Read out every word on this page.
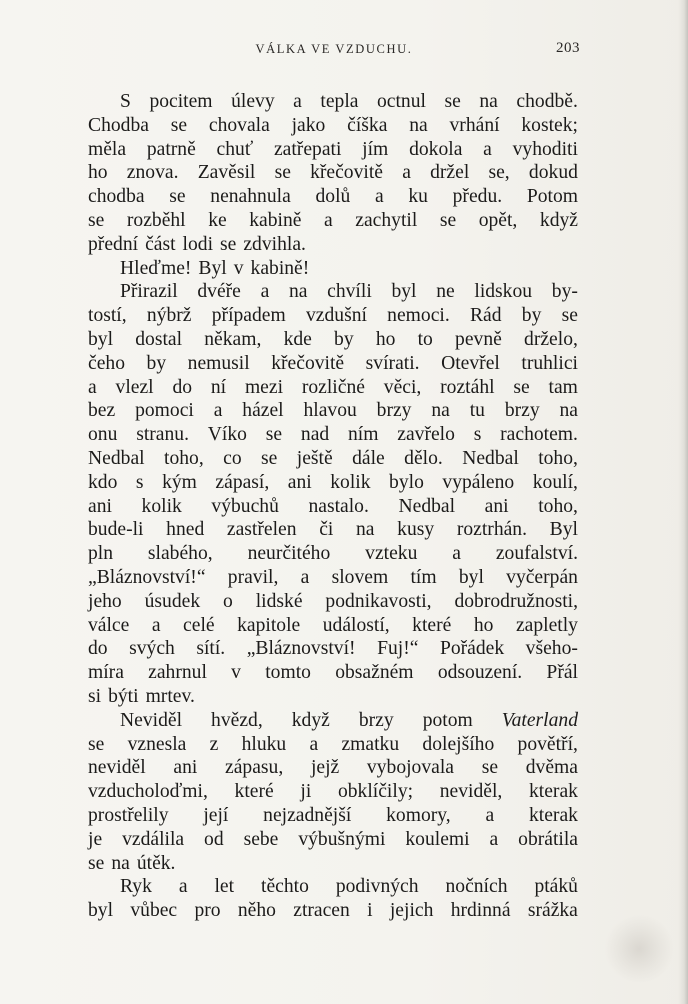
VÁLKA VE VZDUCHU.	203
S pocitem úlevy a tepla octnul se na chodbě.
Chodba se chovala jako číška na vrhání kostek;
měla patrně chuť zatřepati jím dokola a vyhoditi
ho znova. Zavěsil se křečovitě a držel se, dokud
chodba se nenahnula dolů a ku předu. Potom
se rozběhl ke kabině a zachytil se opět, když
přední část lodi se zdvihla.
Hleďme! Byl v kabině!
Přirazil dvéře a na chvíli byl ne lidskou by-
tostí, nýbrž případem vzdušní nemoci. Rád by se
byl dostal někam, kde by ho to pevně drželo,
čeho by nemusil křečovitě svírati. Otevřel truhlici
a vlezl do ní mezi rozličné věci, roztáhl se tam
bez pomoci a házel hlavou brzy na tu brzy na
onu stranu. Víko se nad ním zavřelo s rachotem.
Nedbal toho, co se ještě dále dělo. Nedbal toho,
kdo s kým zápasí, ani kolik bylo vypáleno koulí,
ani kolik výbuchů nastalo. Nedbal ani toho,
bude-li hned zastřelen či na kusy roztrhán. Byl
pln slabého, neurčitého vzteku a zoufalství.
„Bláznovství!“ pravil, a slovem tím byl vyčerpán
jeho úsudek o lidské podnikavosti, dobrodružnosti,
válce a celé kapitole událostí, které ho zapletly
do svých sítí. „Bláznovství! Fuj!“ Pořádek všeho-
míra zahrnul v tomto obsažném odsouzení. Přál
si býti mrtev.
Neviděl hvězd, když brzy potom Vaterland
se vznesla z hluku a zmatku dolejšího povětří,
neviděl ani zápasu, jejž vybojovala se dvěma
vzducholoďmi, které ji obklíčily; neviděl, kterak
prostřelily její nejzadnější komory, a kterak
je vzdálila od sebe výbušnými koulemi a obrátila
se na útěk.
Ryk a let těchto podivných nočních ptáků
byl vůbec pro něho ztracen i jejich hrdinná srážka
